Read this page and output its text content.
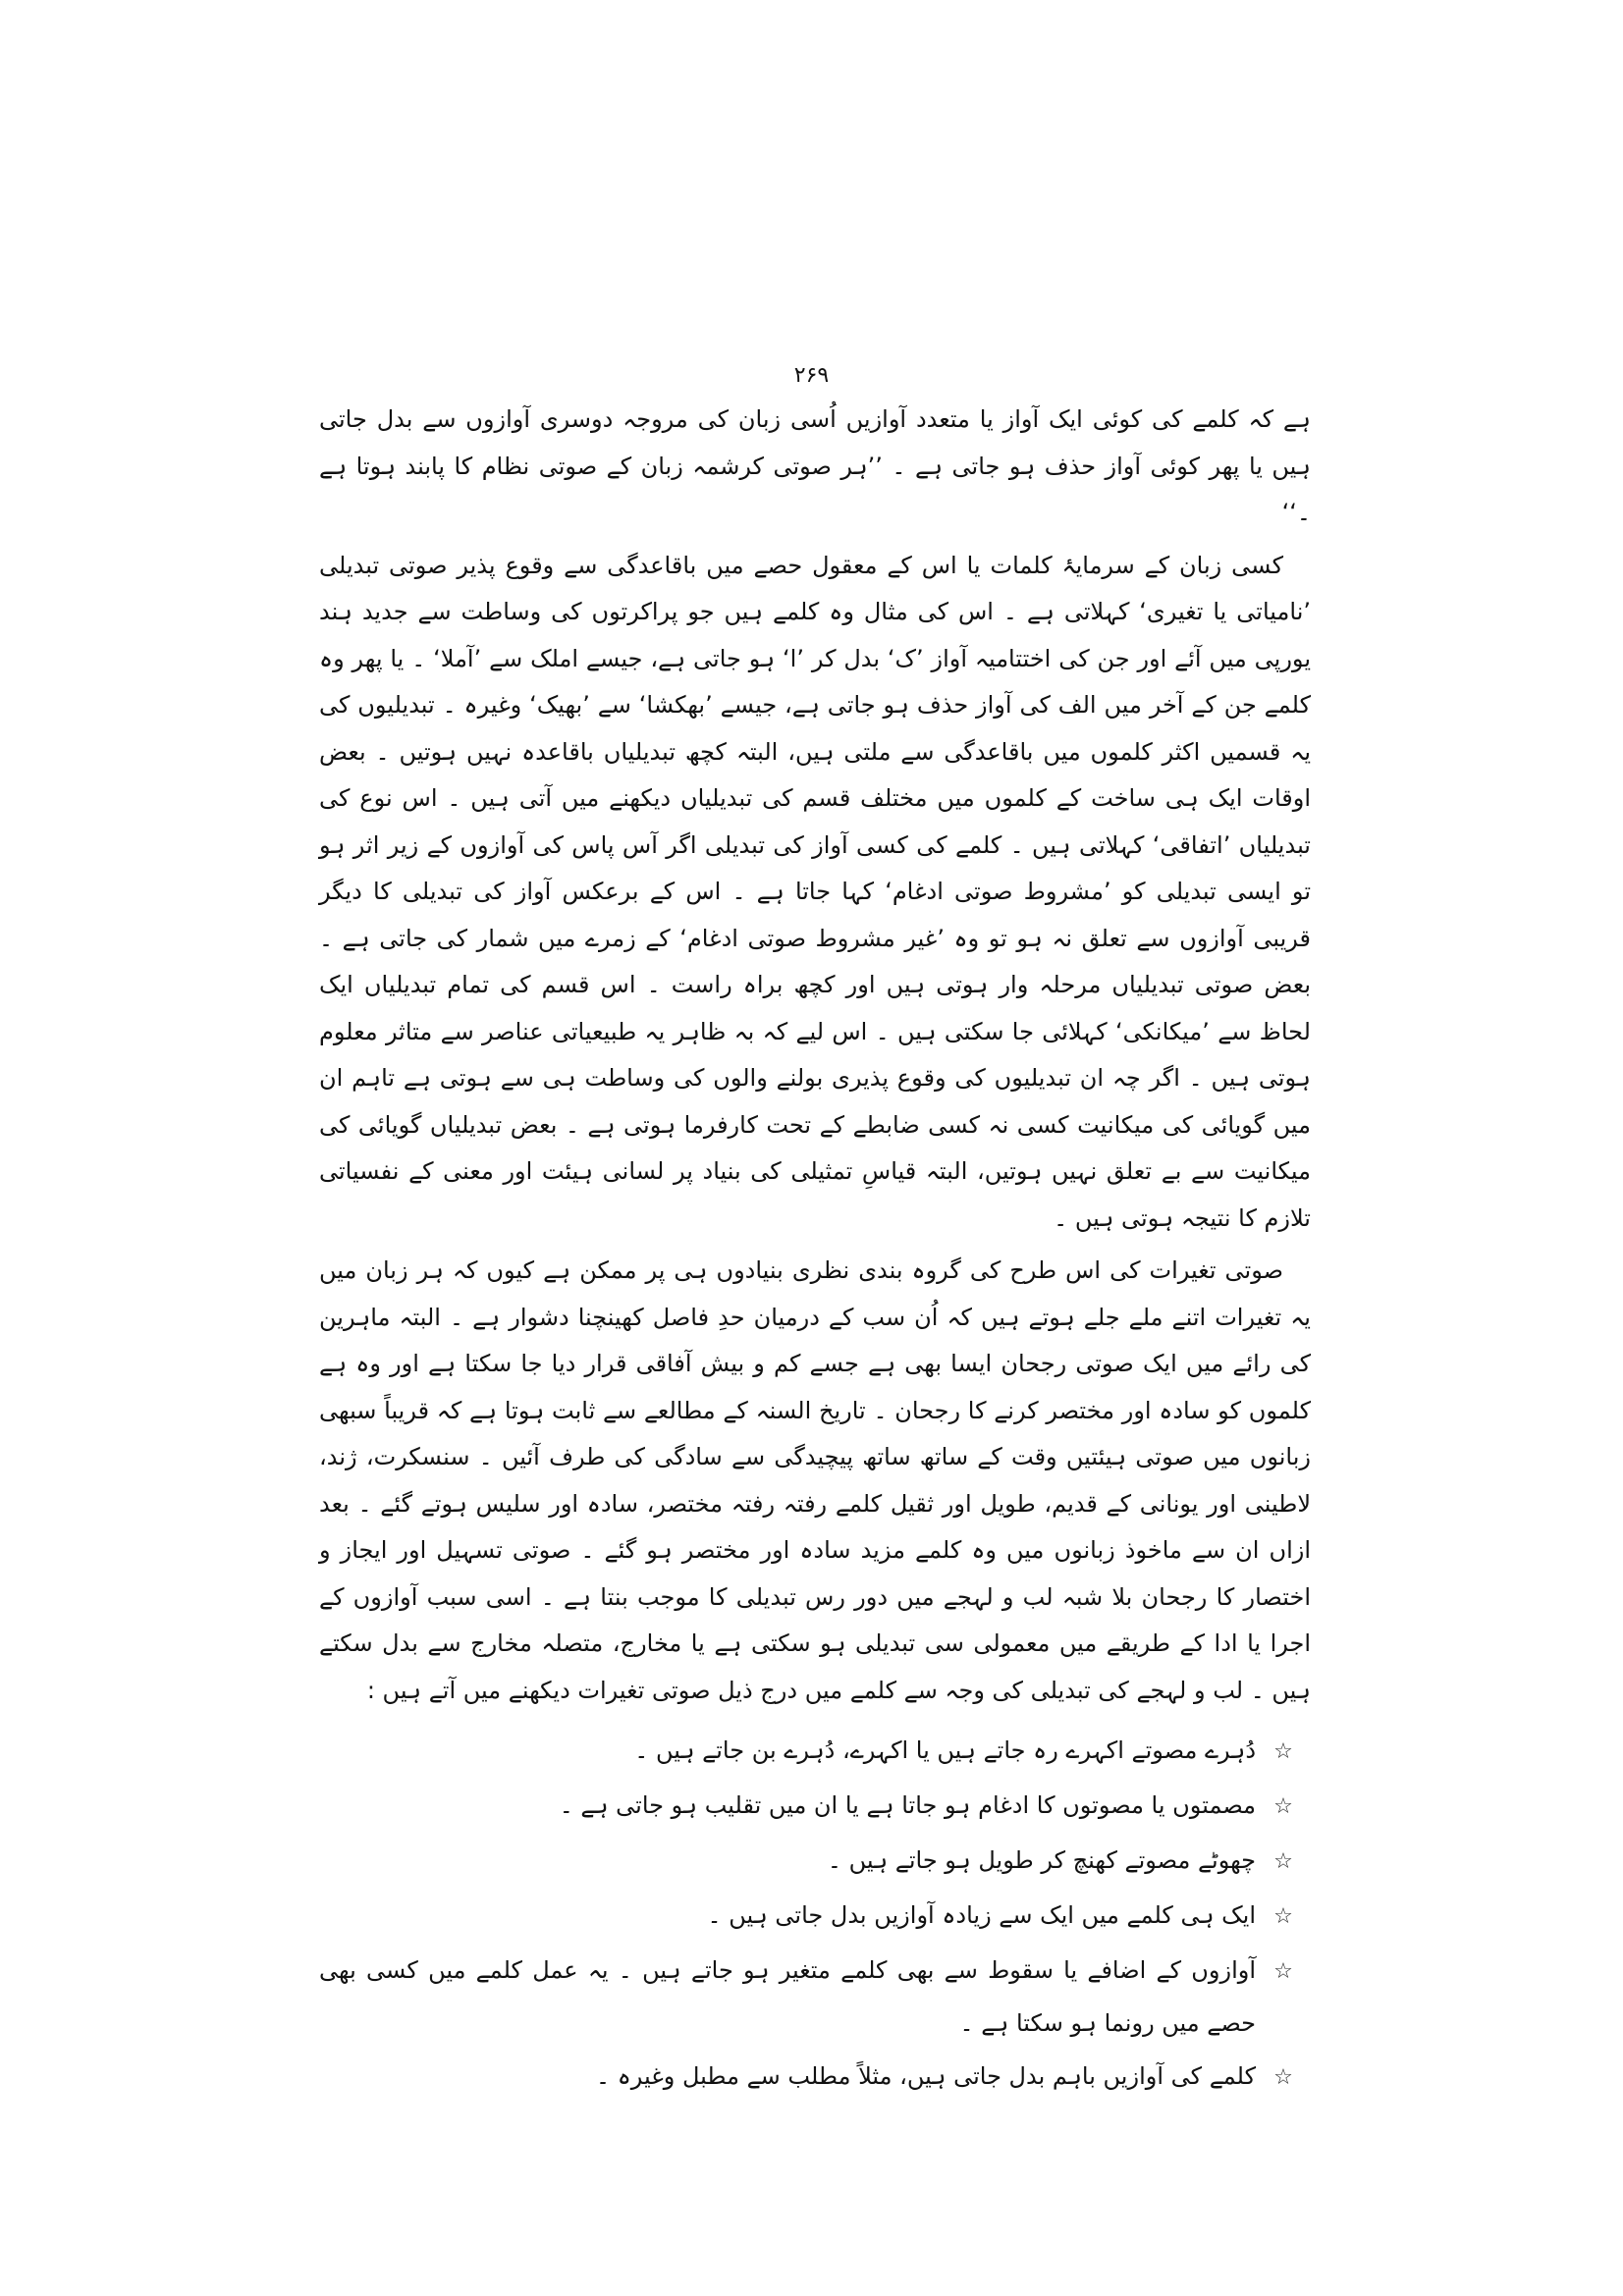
۲۶۹

ہے کہ کلمے کی کوئی ایک آواز یا متعدد آوازیں اُسی زبان کی مروجہ دوسری آوازوں سے بدل جاتی ہیں یا پھر کوئی آواز حذف ہو جاتی ہے ۔ ’’ہر صوتی کرشمہ زبان کے صوتی نظام کا پابند ہوتا ہے ۔‘‘

کسی زبان کے سرمایۂ کلمات یا اس کے معقول حصے میں باقاعدگی سے وقوع پذیر صوتی تبدیلی ’نامیاتی یا تغیری‘ کہلاتی ہے ۔ اس کی مثال وہ کلمے ہیں جو پراکرتوں کی وساطت سے جدید ہند یورپی میں آئے اور جن کی اختتامیہ آواز ’ک‘ بدل کر ’ا‘ ہو جاتی ہے، جیسے املک سے ’آملا‘ ۔ یا پھر وہ کلمے جن کے آخر میں الف کی آواز حذف ہو جاتی ہے، جیسے ’بھکشا‘ سے ’بھیک‘ وغیرہ ۔ تبدیلیوں کی یہ قسمیں اکثر کلموں میں باقاعدگی سے ملتی ہیں، البتہ کچھ تبدیلیاں باقاعدہ نہیں ہوتیں ۔ بعض اوقات ایک ہی ساخت کے کلموں میں مختلف قسم کی تبدیلیاں دیکھنے میں آتی ہیں ۔ اس نوع کی تبدیلیاں ’اتفاقی‘ کہلاتی ہیں ۔ کلمے کی کسی آواز کی تبدیلی اگر آس پاس کی آوازوں کے زیر اثر ہو تو ایسی تبدیلی کو ’مشروط صوتی ادغام‘ کہا جاتا ہے ۔ اس کے برعکس آواز کی تبدیلی کا دیگر قریبی آوازوں سے تعلق نہ ہو تو وہ ’غیر مشروط صوتی ادغام‘ کے زمرے میں شمار کی جاتی ہے ۔ بعض صوتی تبدیلیاں مرحلہ وار ہوتی ہیں اور کچھ براہ راست ۔ اس قسم کی تمام تبدیلیاں ایک لحاظ سے ’میکانکی‘ کہلائی جا سکتی ہیں ۔ اس لیے کہ بہ ظاہر یہ طبیعیاتی عناصر سے متاثر معلوم ہوتی ہیں ۔ اگر چہ ان تبدیلیوں کی وقوع پذیری بولنے والوں کی وساطت ہی سے ہوتی ہے تاہم ان میں گویائی کی میکانیت کسی نہ کسی ضابطے کے تحت کارفرما ہوتی ہے ۔ بعض تبدیلیاں گویائی کی میکانیت سے بے تعلق نہیں ہوتیں، البتہ قیاسِ تمثیلی کی بنیاد پر لسانی ہیئت اور معنی کے نفسیاتی تلازم کا نتیجہ ہوتی ہیں ۔

صوتی تغیرات کی اس طرح کی گروہ بندی نظری بنیادوں ہی پر ممکن ہے کیوں کہ ہر زبان میں یہ تغیرات اتنے ملے جلے ہوتے ہیں کہ اُن سب کے درمیان حدِ فاصل کھینچنا دشوار ہے ۔ البتہ ماہرین کی رائے میں ایک صوتی رجحان ایسا بھی ہے جسے کم و بیش آفاقی قرار دیا جا سکتا ہے اور وہ ہے کلموں کو سادہ اور مختصر کرنے کا رجحان ۔ تاریخ السنہ کے مطالعے سے ثابت ہوتا ہے کہ قریباً سبھی زبانوں میں صوتی ہیئتیں وقت کے ساتھ ساتھ پیچیدگی سے سادگی کی طرف آئیں ۔ سنسکرت، ژند، لاطینی اور یونانی کے قدیم، طویل اور ثقیل کلمے رفتہ رفتہ مختصر، سادہ اور سلیس ہوتے گئے ۔ بعد ازاں ان سے ماخوذ زبانوں میں وہ کلمے مزید سادہ اور مختصر ہو گئے ۔ صوتی تسہیل اور ایجاز و اختصار کا رجحان بلا شبہ لب و لہجے میں دور رس تبدیلی کا موجب بنتا ہے ۔ اسی سبب آوازوں کے اجرا یا ادا کے طریقے میں معمولی سی تبدیلی ہو سکتی ہے یا مخارج، متصلہ مخارج سے بدل سکتے ہیں ۔ لب و لہجے کی تبدیلی کی وجہ سے کلمے میں درج ذیل صوتی تغیرات دیکھنے میں آتے ہیں :

☆
دُہرے مصوتے اکہرے رہ جاتے ہیں یا اکہرے، دُہرے بن جاتے ہیں ۔
☆
مصمتوں یا مصوتوں کا ادغام ہو جاتا ہے یا ان میں تقلیب ہو جاتی ہے ۔
☆
چھوٹے مصوتے کھنچ کر طویل ہو جاتے ہیں ۔
☆
ایک ہی کلمے میں ایک سے زیادہ آوازیں بدل جاتی ہیں ۔
☆
آوازوں کے اضافے یا سقوط سے بھی کلمے متغیر ہو جاتے ہیں ۔ یہ عمل کلمے میں کسی بھی حصے میں رونما ہو سکتا ہے ۔
☆
کلمے کی آوازیں باہم بدل جاتی ہیں، مثلاً مطلب سے مطبل وغیرہ ۔
